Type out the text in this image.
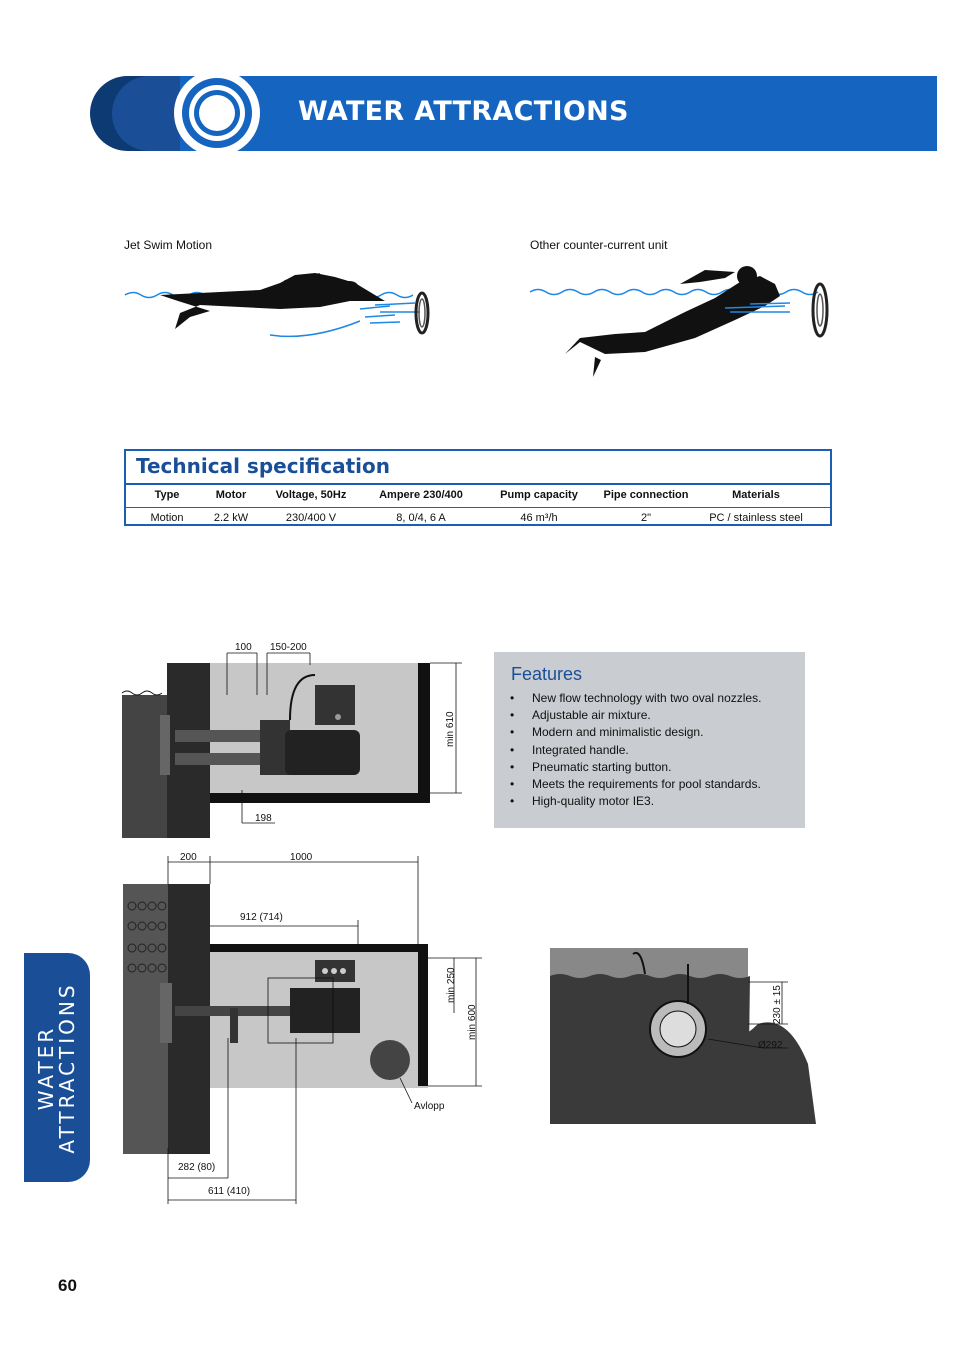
WATER ATTRACTIONS
Jet Swim Motion	Other counter-current unit
Technical specification
Type	Motor	Voltage, 50Hz	Ampere 230/400	Pump capacity	Pipe connection	Materials
Motion	2.2 kW	230/400 V	8, 0/4, 6 A	46 m³/h	2"	PC / stainless steel
100 150-200
198
min 610
Features
• New flow technology with two oval nozzles.
• Adjustable air mixture.
• Modern and minimalistic design.
• Integrated handle.
• Pneumatic starting button.
• Meets the requirements for pool standards.
• High-quality motor IE3.
200	1000
912 (714)
min 250
min 600
282 (80)
611 (410)
Avlopp
230 ± 15
Ø292
WATER
ATTRACTIONS
60
